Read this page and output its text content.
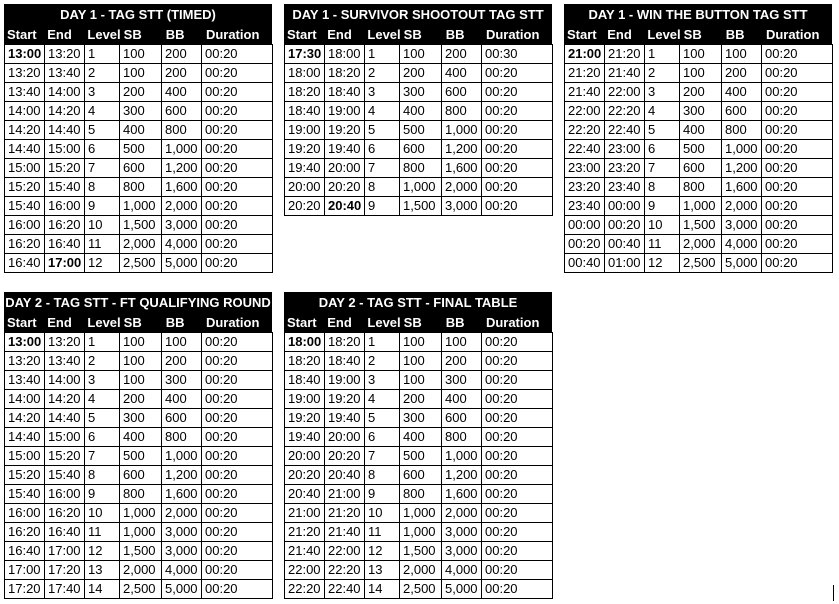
DAY 1 - TAG STT (TIMED)
Start End	Level SB	BB	Duration
13:00	13:20	1	100	200	00:20
13:20	13:40	2	100	200	00:20
13:40	14:00	3	200	400	00:20
14:00	14:20	4	300	600	00:20
14:20	14:40	5	400	800	00:20
14:40	15:00	6	500	1,000	00:20
15:00	15:20	7	600	1,200	00:20
15:20	15:40	8	800	1,600	00:20
15:40	16:00	9	1,000	2,000	00:20
16:00	16:20	10	1,500	3,000	00:20
16:20	16:40	11	2,000	4,000	00:20
16:40	17:00	12	2,500	5,000	00:20
DAY 1 - SURVIVOR SHOOTOUT TAG STT
Start End	Level SB	BB	Duration
17:30	18:00	1	100	200	00:30
18:00	18:20	2	200	400	00:20
18:20	18:40	3	300	600	00:20
18:40	19:00	4	400	800	00:20
19:00	19:20	5	500	1,000	00:20
19:20	19:40	6	600	1,200	00:20
19:40	20:00	7	800	1,600	00:20
20:00	20:20	8	1,000	2,000	00:20
20:20	20:40	9	1,500	3,000	00:20
DAY 1 - WIN THE BUTTON TAG STT
Start End	Level SB	BB	Duration
21:00	21:20	1	100	100	00:20
21:20	21:40	2	100	200	00:20
21:40	22:00	3	200	400	00:20
22:00	22:20	4	300	600	00:20
22:20	22:40	5	400	800	00:20
22:40	23:00	6	500	1,000	00:20
23:00	23:20	7	600	1,200	00:20
23:20	23:40	8	800	1,600	00:20
23:40	00:00	9	1,000	2,000	00:20
00:00	00:20	10	1,500	3,000	00:20
00:20	00:40	11	2,000	4,000	00:20
00:40	01:00	12	2,500	5,000	00:20
DAY 2 - TAG STT - FT QUALIFYING ROUND
Start End	Level SB	BB	Duration
13:00	13:20	1	100	100	00:20
13:20	13:40	2	100	200	00:20
13:40	14:00	3	100	300	00:20
14:00	14:20	4	200	400	00:20
14:20	14:40	5	300	600	00:20
14:40	15:00	6	400	800	00:20
15:00	15:20	7	500	1,000	00:20
15:20	15:40	8	600	1,200	00:20
15:40	16:00	9	800	1,600	00:20
16:00	16:20	10	1,000	2,000	00:20
16:20	16:40	11	1,000	3,000	00:20
16:40	17:00	12	1,500	3,000	00:20
17:00	17:20	13	2,000	4,000	00:20
17:20	17:40	14	2,500	5,000	00:20
DAY 2 - TAG STT - FINAL TABLE
Start End	Level SB	BB	Duration
18:00	18:20	1	100	100	00:20
18:20	18:40	2	100	200	00:20
18:40	19:00	3	100	300	00:20
19:00	19:20	4	200	400	00:20
19:20	19:40	5	300	600	00:20
19:40	20:00	6	400	800	00:20
20:00	20:20	7	500	1,000	00:20
20:20	20:40	8	600	1,200	00:20
20:40	21:00	9	800	1,600	00:20
21:00	21:20	10	1,000	2,000	00:20
21:20	21:40	11	1,000	3,000	00:20
21:40	22:00	12	1,500	3,000	00:20
22:00	22:20	13	2,000	4,000	00:20
22:20	22:40	14	2,500	5,000	00:20
